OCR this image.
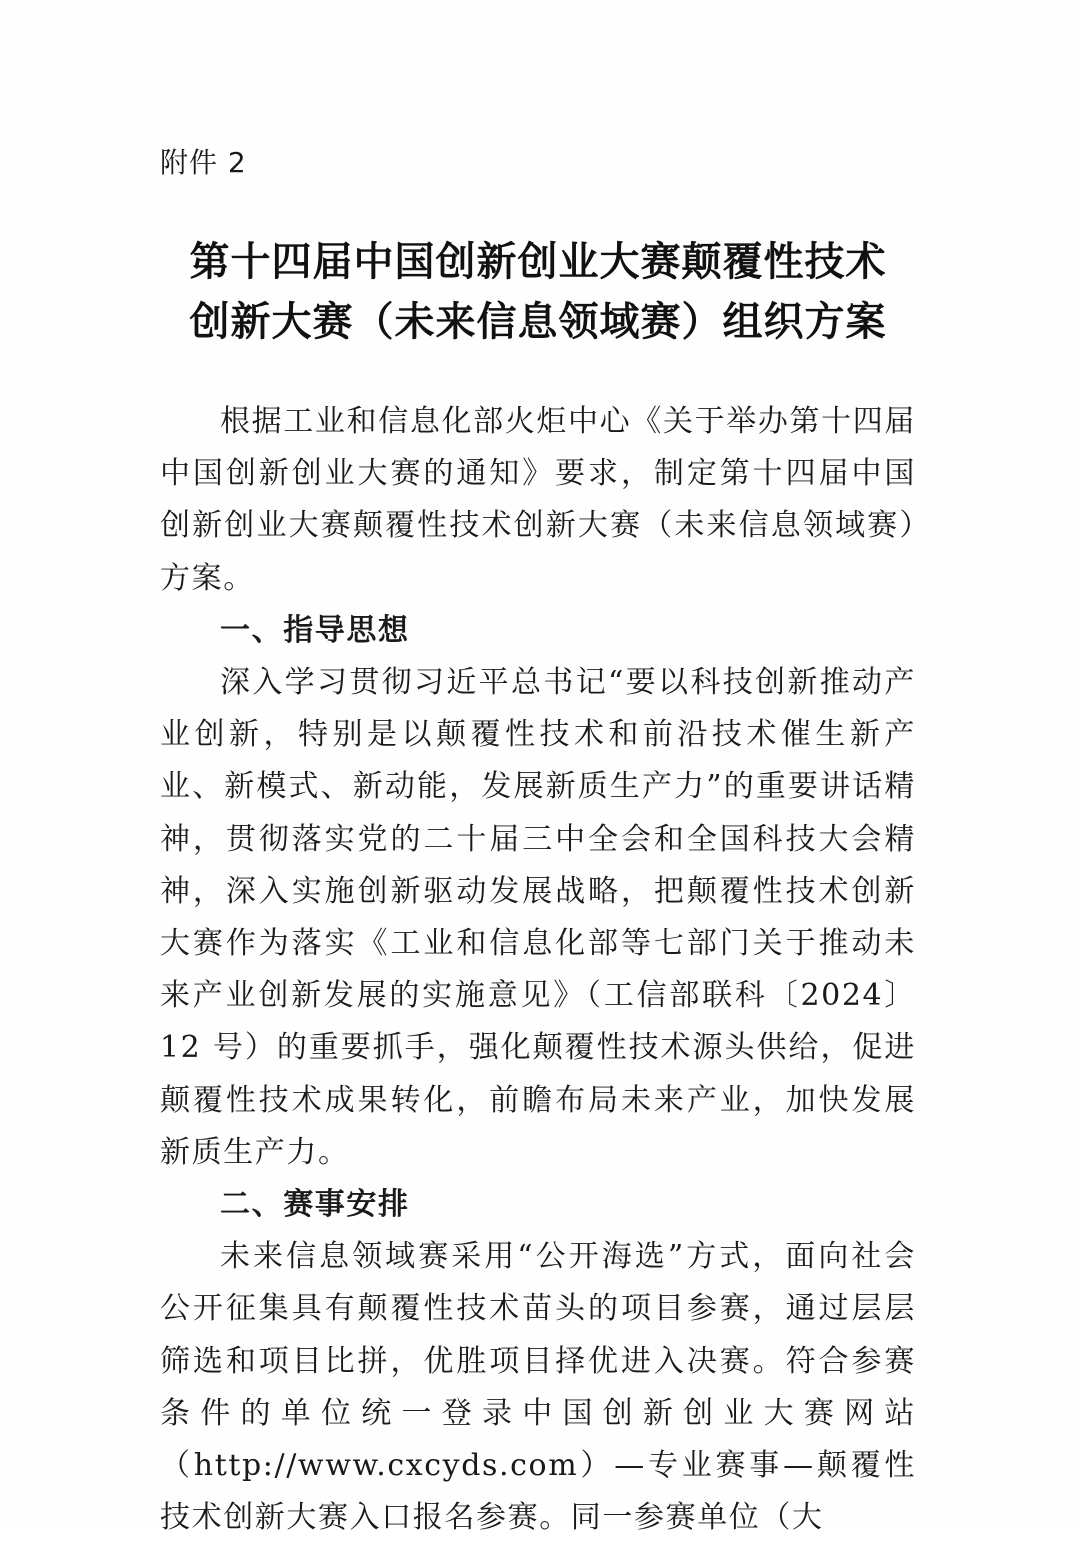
附件 2
第十四届中国创新创业大赛颠覆性技术
创新大赛（未来信息领域赛）组织方案

根据工业和信息化部火炬中心《关于举办第十四届中国创新创业大赛的通知》要求，制定第十四届中国创新创业大赛颠覆性技术创新大赛（未来信息领域赛）方案。

一、指导思想

深入学习贯彻习近平总书记“要以科技创新推动产业创新，特别是以颠覆性技术和前沿技术催生新产业、新模式、新动能，发展新质生产力”的重要讲话精神，贯彻落实党的二十届三中全会和全国科技大会精神，深入实施创新驱动发展战略，把颠覆性技术创新大赛作为落实《工业和信息化部等七部门关于推动未来产业创新发展的实施意见》（工信部联科〔2024〕12 号）的重要抓手，强化颠覆性技术源头供给，促进颠覆性技术成果转化，前瞻布局未来产业，加快发展新质生产力。

二、赛事安排

未来信息领域赛采用“公开海选”方式，面向社会公开征集具有颠覆性技术苗头的项目参赛，通过层层筛选和项目比拼，优胜项目择优进入决赛。符合参赛条件的单位统一登录中国创新创业大赛网站（http://www.cxcyds.com）—专业赛事—颠覆性技术创新大赛入口报名参赛。同一参赛单位（大
